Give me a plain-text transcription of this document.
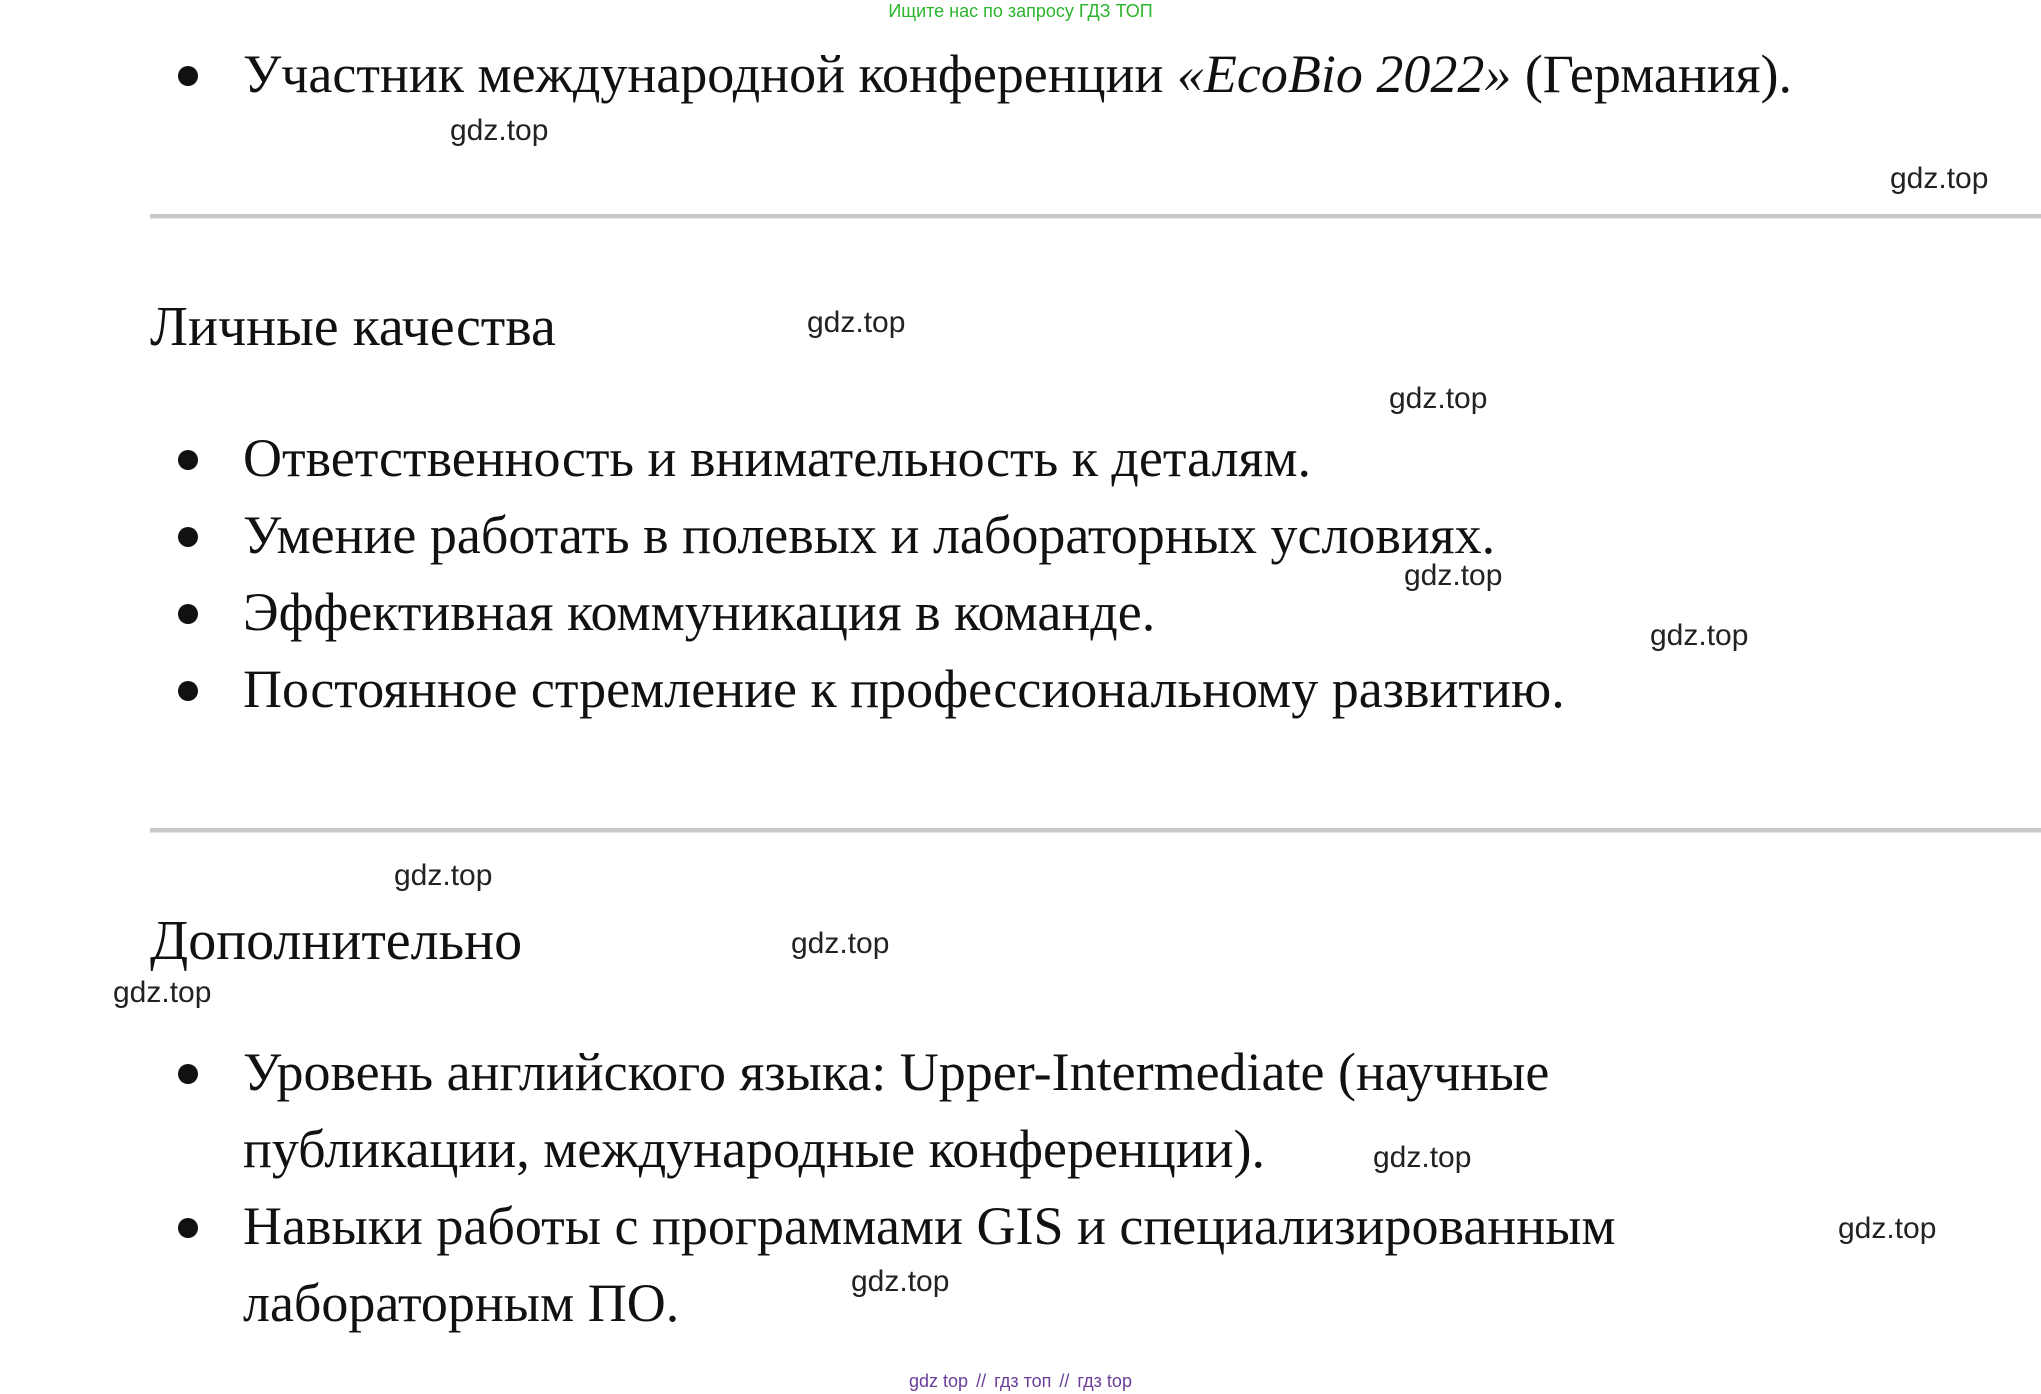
Ищите нас по запросу ГДЗ ТОП
Участник международной конференции «EcoBio 2022» (Германия).
Личные качества
Ответственность и внимательность к деталям.
Умение работать в полевых и лабораторных условиях.
Эффективная коммуникация в команде.
Постоянное стремление к профессиональному развитию.
Дополнительно
Уровень английского языка: Upper-Intermediate (научные
публикации, международные конференции).
Навыки работы с программами GIS и специализированным
лабораторным ПО.
gdz.top
gdz.top
gdz.top
gdz.top
gdz.top
gdz.top
gdz.top
gdz.top
gdz.top
gdz.top
gdz.top
gdz.top
gdz top // гдз топ // гдз top
